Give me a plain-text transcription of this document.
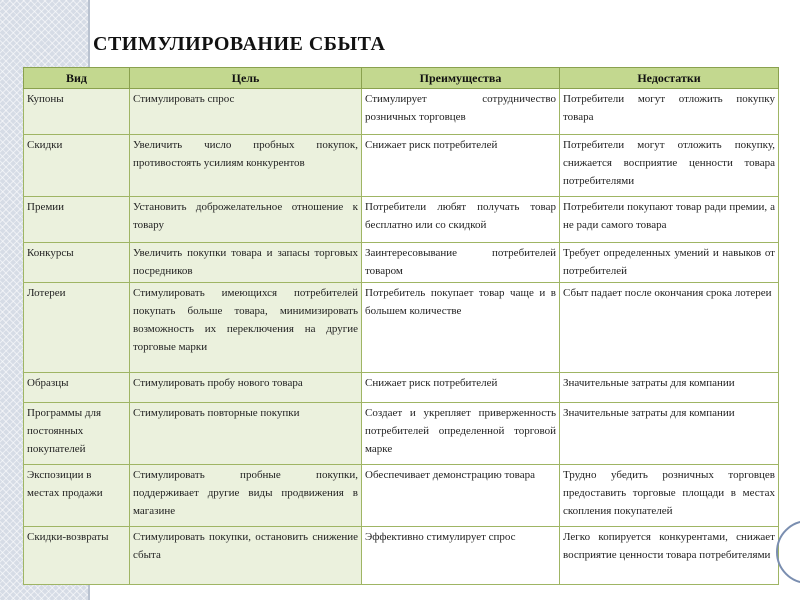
СТИМУЛИРОВАНИЕ СБЫТА
Вид	Цель	Преимущества	Недостатки
Купоны	Стимулировать спрос	Стимулирует сотрудничество розничных торговцев	Потребители могут отложить покупку товара
Скидки	Увеличить число пробных покупок, противостоять усилиям конкурентов	Снижает риск потребителей	Потребители могут отложить покупку, снижается восприятие ценности товара потребителями
Премии	Установить доброжелательное отношение к товару	Потребители любят получать товар бесплатно или со скидкой	Потребители покупают товар ради премии, а не ради самого товара
Конкурсы	Увеличить покупки товара и запасы торговых посредников	Заинтересовывание потребителей товаром	Требует определенных умений и навыков от потребителей
Лотереи	Стимулировать имеющихся потребителей покупать больше товара, минимизировать возможность их переключения на другие торговые марки	Потребитель покупает товар чаще и в большем количестве	Сбыт падает после окончания срока лотереи
Образцы	Стимулировать пробу нового товара	Снижает риск потребителей	Значительные затраты для компании
Программы для постоянных покупателей	Стимулировать повторные покупки	Создает и укрепляет приверженность потребителей определенной торговой марке	Значительные затраты для компании
Экспозиции в местах продажи	Стимулировать пробные покупки, поддерживает другие виды продвижения в магазине	Обеспечивает демонстрацию товара	Трудно убедить розничных торговцев предоставить торговые площади в местах скопления покупателей
Скидки-возвраты	Стимулировать покупки, остановить снижение сбыта	Эффективно стимулирует спрос	Легко копируется конкурентами, снижает восприятие ценности товара потребителями
